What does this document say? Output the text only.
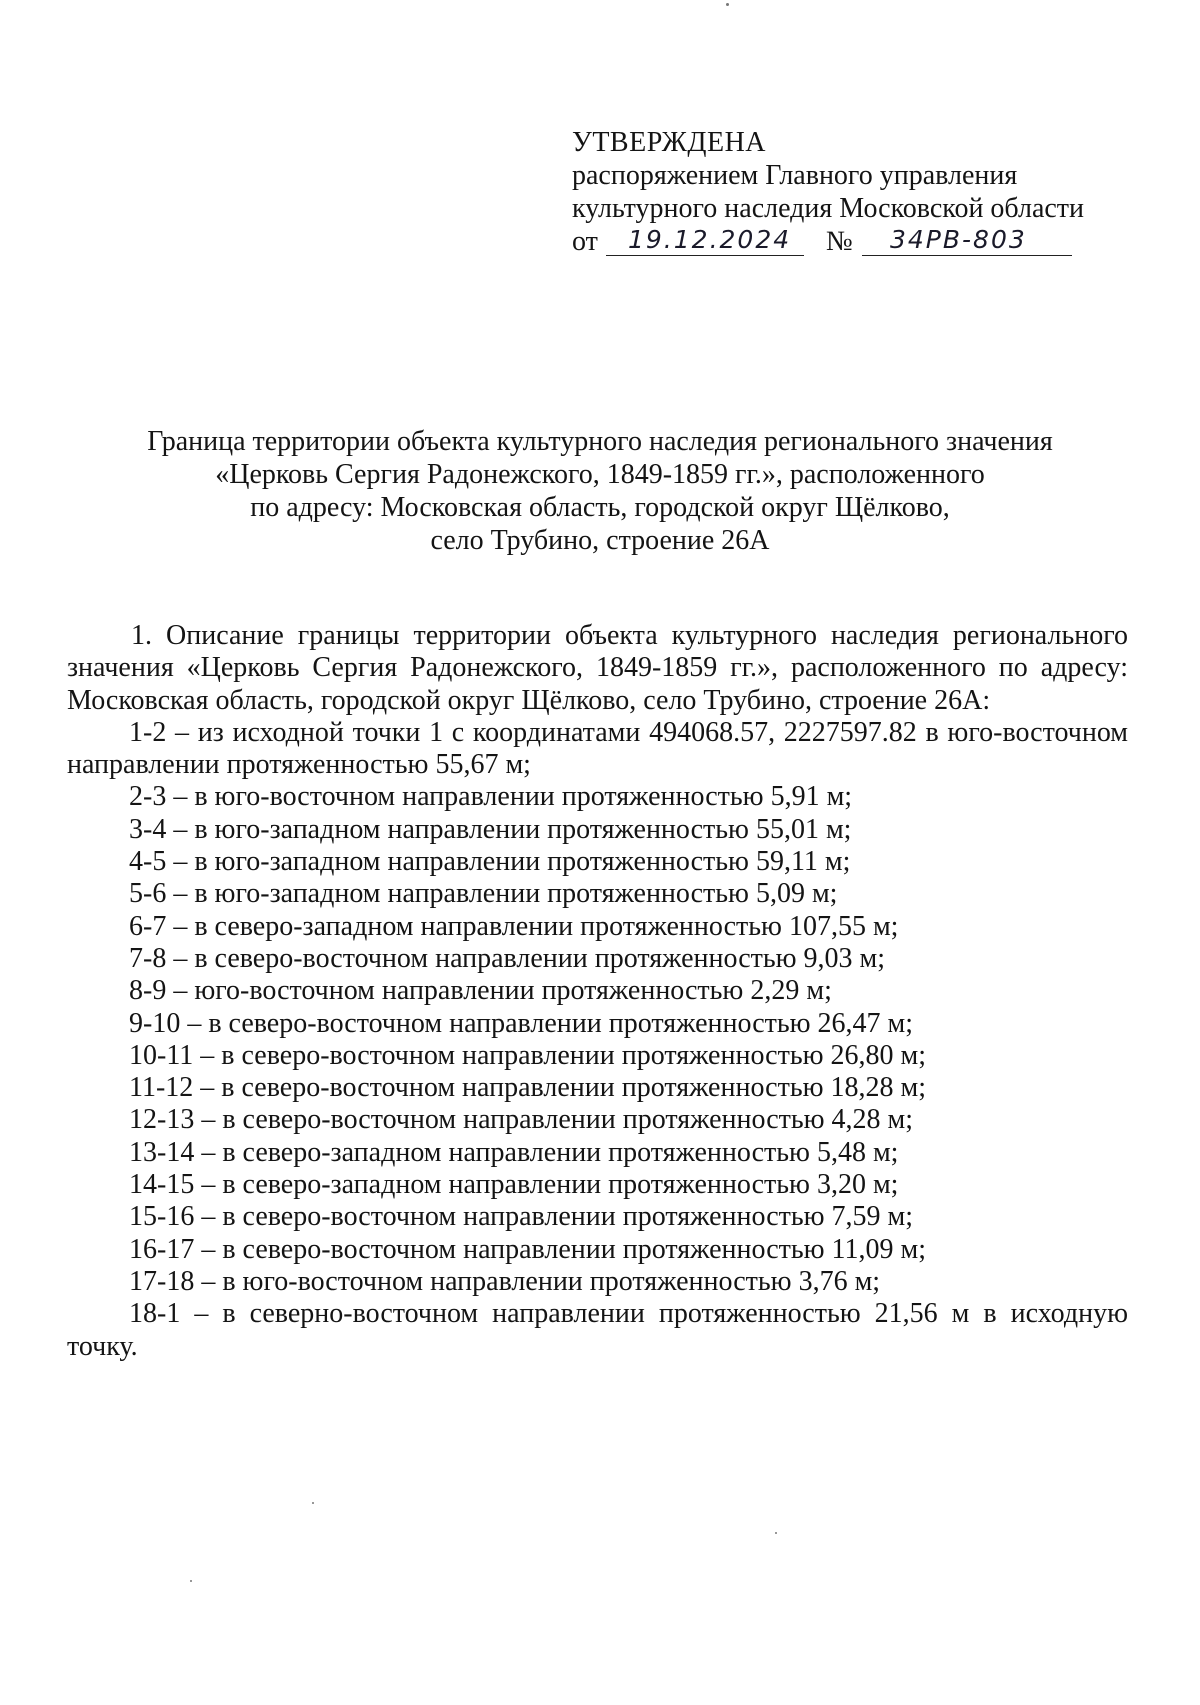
УТВЕРЖДЕНА
распоряжением Главного управления
культурного наследия Московской области
от 19.12.2024 № 34РВ-803
Граница территории объекта культурного наследия регионального значения
«Церковь Сергия Радонежского, 1849-1859 гг.», расположенного
по адресу: Московская область, городской округ Щёлково,
село Трубино, строение 26А

1. Описание границы территории объекта культурного наследия регионального

значения «Церковь Сергия Радонежского, 1849-1859 гг.», расположенного по адресу:

Московская область, городской округ Щёлково, село Трубино, строение 26А:

1-2 – из исходной точки 1 с координатами 494068.57, 2227597.82 в юго-восточном

направлении протяженностью 55,67 м;

2-3 – в юго-восточном направлении протяженностью 5,91 м;

3-4 – в юго-западном направлении протяженностью 55,01 м;

4-5 – в юго-западном направлении протяженностью 59,11 м;

5-6 – в юго-западном направлении протяженностью 5,09 м;

6-7 – в северо-западном направлении протяженностью 107,55 м;

7-8 – в северо-восточном направлении протяженностью 9,03 м;

8-9 – юго-восточном направлении протяженностью 2,29 м;

9-10 – в северо-восточном направлении протяженностью 26,47 м;

10-11 – в северо-восточном направлении протяженностью 26,80 м;

11-12 – в северо-восточном направлении протяженностью 18,28 м;

12-13 – в северо-восточном направлении протяженностью 4,28 м;

13-14 – в северо-западном направлении протяженностью 5,48 м;

14-15 – в северо-западном направлении протяженностью 3,20 м;

15-16 – в северо-восточном направлении протяженностью 7,59 м;

16-17 – в северо-восточном направлении протяженностью 11,09 м;

17-18 – в юго-восточном направлении протяженностью 3,76 м;

18-1 – в северно-восточном направлении протяженностью 21,56 м в исходную

точку.
